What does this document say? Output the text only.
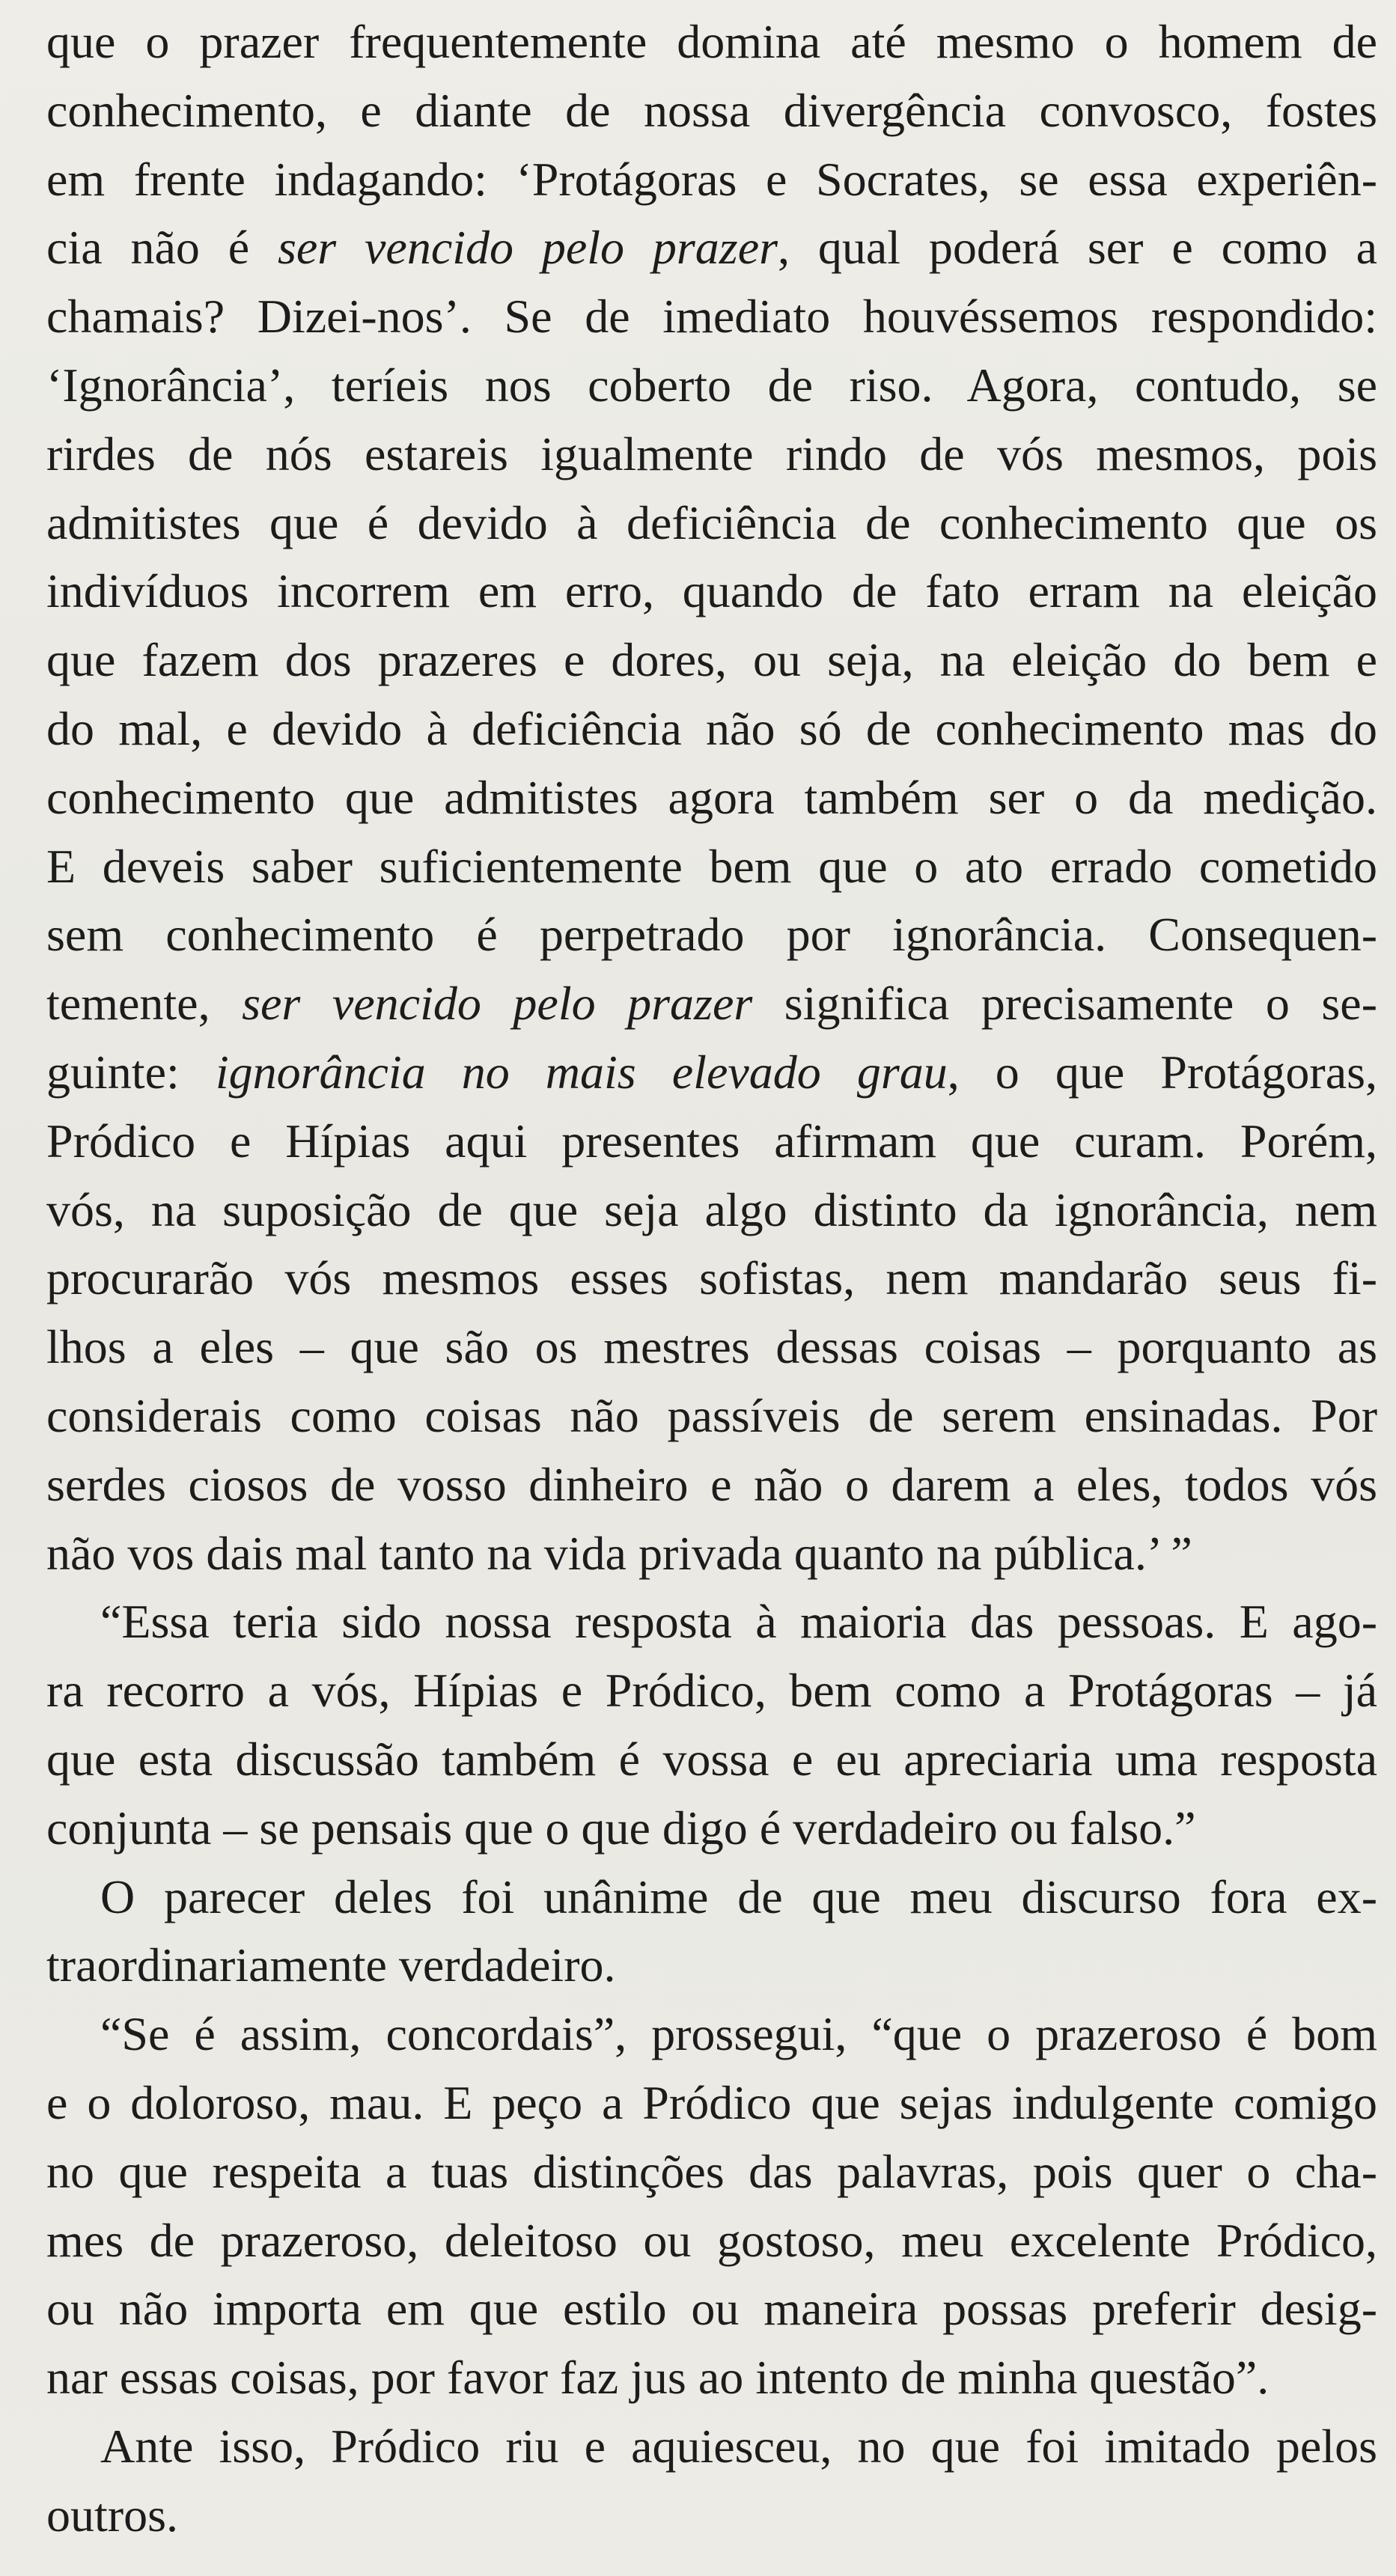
que o prazer frequentemente domina até mesmo o homem de
conhecimento, e diante de nossa divergência convosco, fostes
em frente indagando: ‘Protágoras e Socrates, se essa experiên-
cia não é ser vencido pelo prazer, qual poderá ser e como a
chamais? Dizei-nos’. Se de imediato houvéssemos respondido:
‘Ignorância’, teríeis nos coberto de riso. Agora, contudo, se
rirdes de nós estareis igualmente rindo de vós mesmos, pois
admitistes que é devido à deficiência de conhecimento que os
indivíduos incorrem em erro, quando de fato erram na eleição
que fazem dos prazeres e dores, ou seja, na eleição do bem e
do mal, e devido à deficiência não só de conhecimento mas do
conhecimento que admitistes agora também ser o da medição.
E deveis saber suficientemente bem que o ato errado cometido
sem conhecimento é perpetrado por ignorância. Consequen-
temente, ser vencido pelo prazer significa precisamente o se-
guinte: ignorância no mais elevado grau, o que Protágoras,
Pródico e Hípias aqui presentes afirmam que curam. Porém,
vós, na suposição de que seja algo distinto da ignorância, nem
procurarão vós mesmos esses sofistas, nem mandarão seus fi-
lhos a eles – que são os mestres dessas coisas – porquanto as
considerais como coisas não passíveis de serem ensinadas. Por
serdes ciosos de vosso dinheiro e não o darem a eles, todos vós
não vos dais mal tanto na vida privada quanto na pública.’ ”
“Essa teria sido nossa resposta à maioria das pessoas. E ago-
ra recorro a vós, Hípias e Pródico, bem como a Protágoras – já
que esta discussão também é vossa e eu apreciaria uma resposta
conjunta – se pensais que o que digo é verdadeiro ou falso.”
O parecer deles foi unânime de que meu discurso fora ex-
traordinariamente verdadeiro.
“Se é assim, concordais”, prossegui, “que o prazeroso é bom
e o doloroso, mau. E peço a Pródico que sejas indulgente comigo
no que respeita a tuas distinções das palavras, pois quer o cha-
mes de prazeroso, deleitoso ou gostoso, meu excelente Pródico,
ou não importa em que estilo ou maneira possas preferir desig-
nar essas coisas, por favor faz jus ao intento de minha questão”.
Ante isso, Pródico riu e aquiesceu, no que foi imitado pelos
outros.
